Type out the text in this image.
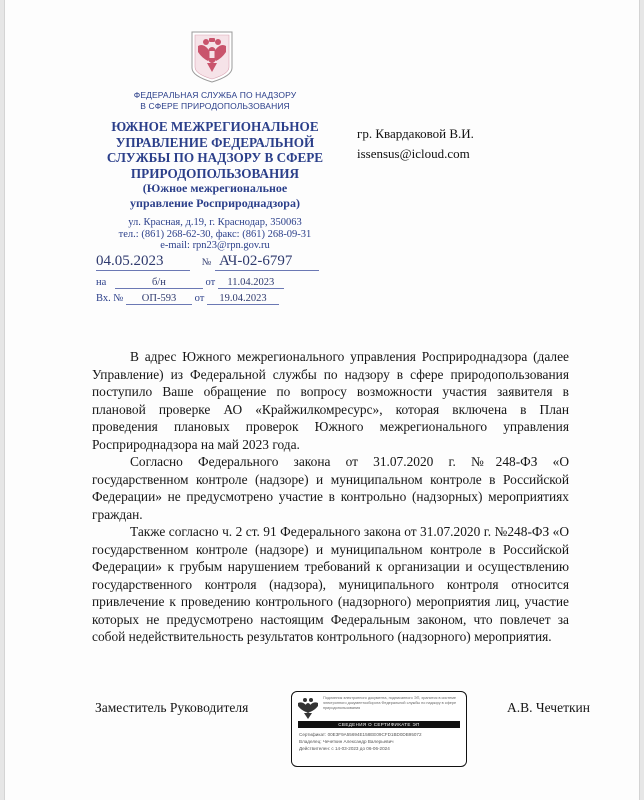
ФЕДЕРАЛЬНАЯ СЛУЖБА ПО НАДЗОРУ
В СФЕРЕ ПРИРОДОПОЛЬЗОВАНИЯ
ЮЖНОЕ МЕЖРЕГИОНАЛЬНОЕ
УПРАВЛЕНИЕ ФЕДЕРАЛЬНОЙ
СЛУЖБЫ ПО НАДЗОРУ В СФЕРЕ
ПРИРОДОПОЛЬЗОВАНИЯ
(Южное межрегиональное
управление Росприроднадзора)
ул. Красная, д.19, г. Краснодар, 350063
тел.: (861) 268-62-30, факс: (861) 268-09-31
e-mail: rpn23@rpn.gov.ru
04.05.2023	№ АЧ-02-6797
на	б/н	от 11.04.2023
Вх. № ОП-593 от 19.04.2023
гр. Квардаковой В.И.
issensus@icloud.com

В адрес Южного межрегионального управления Росприроднадзора (далее Управление) из Федеральной службы по надзору в сфере природопользования поступило Ваше обращение по вопросу возможности участия заявителя в плановой проверке АО «Крайжилкомресурс», которая включена в План проведения плановых проверок Южного межрегионального управления Росприроднадзора на май 2023 года.

Согласно Федерального закона от 31.07.2020 г. №248-ФЗ «О государственном контроле (надзоре) и муниципальном контроле в Российской Федерации» не предусмотрено участие в контрольно (надзорных) мероприятиях граждан.

Также согласно ч. 2 ст. 91 Федерального закона от 31.07.2020 г. №248-ФЗ «О государственном контроле (надзоре) и муниципальном контроле в Российской Федерации» к грубым нарушением требований к организации и осуществлению государственного контроля (надзора), муниципального контроля относится привлечение к проведению контрольного (надзорного) мероприятия лиц, участие которых не предусмотрено настоящим Федеральным законом, что повлечет за собой недействительность результатов контрольного (надзорного) мероприятия.

Заместитель Руководителя
Подлинник электронного документа, подписанного ЭП, хранится в системе электронного документооборота Федеральной службы по надзору в сфере природопользования
СВЕДЕНИЯ О СЕРТИФИКАТЕ ЭП
Сертификат: 00E3F9A55694E158EE09CFD1BD0DB95072
Владелец: Чечеткин Александр Валерьевич
Действителен: с 14-03-2023 до 06-06-2024
А.В. Чечеткин
